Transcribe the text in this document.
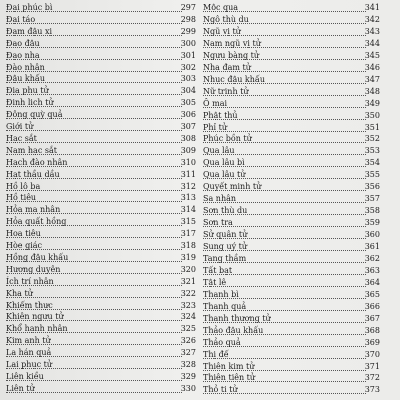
Đại phúc bì	297
Đại táo	298
Đạm đậu xị	299
Đao đậu	300
Đạo nha	301
Đào nhân	302
Đậu khấu	303
Địa phu tử	304
Đinh lịch tử	305
Đông quỳ quả	306
Giới tử	307
Hạc sắt	308
Nam hạc sắt	309
Hạch đào nhân	310
Hạt thầu dầu	311
Hồ lô ba	312
Hồ tiêu	313
Hỏa ma nhân	314
Hỏa quất hồng	315
Hoa tiêu	317
Hòe giác	318
Hồng đậu khấu	319
Hương duyên	320
Ích trí nhân	321
Kha tử	322
Khiếm thực	323
Khiên ngưu tử	324
Khổ hạnh nhân	325
Kim anh tử	326
La hán quả	327
Lai phục tử	328
Liên kiều	329
Liên tử	330
Mộc qua	341
Ngô thù du	342
Ngũ vị tử	343
Nam ngũ vị tử	344
Ngưu bàng tử	345
Nha đam tử	346
Nhục đậu khấu	347
Nữ trinh tử	348
Ô mai	349
Phật thủ	350
Phỉ tử	351
Phúc bồn tử	352
Qua lâu	353
Qua lâu bì	354
Qua lâu tử	355
Quyết minh tử	356
Sa nhân	357
Sơn thù du	358
Sơn tra	359
Sử quân tử	360
Sung uý tử	361
Tang thầm	362
Tất bạt	363
Tật lê	364
Thanh bì	365
Thanh quả	366
Thanh thương tử	367
Thảo đậu khấu	368
Thảo quả	369
Thị đế	370
Thiên kim tử	371
Thiên tiên tử	372
Thỏ ti tử	373
